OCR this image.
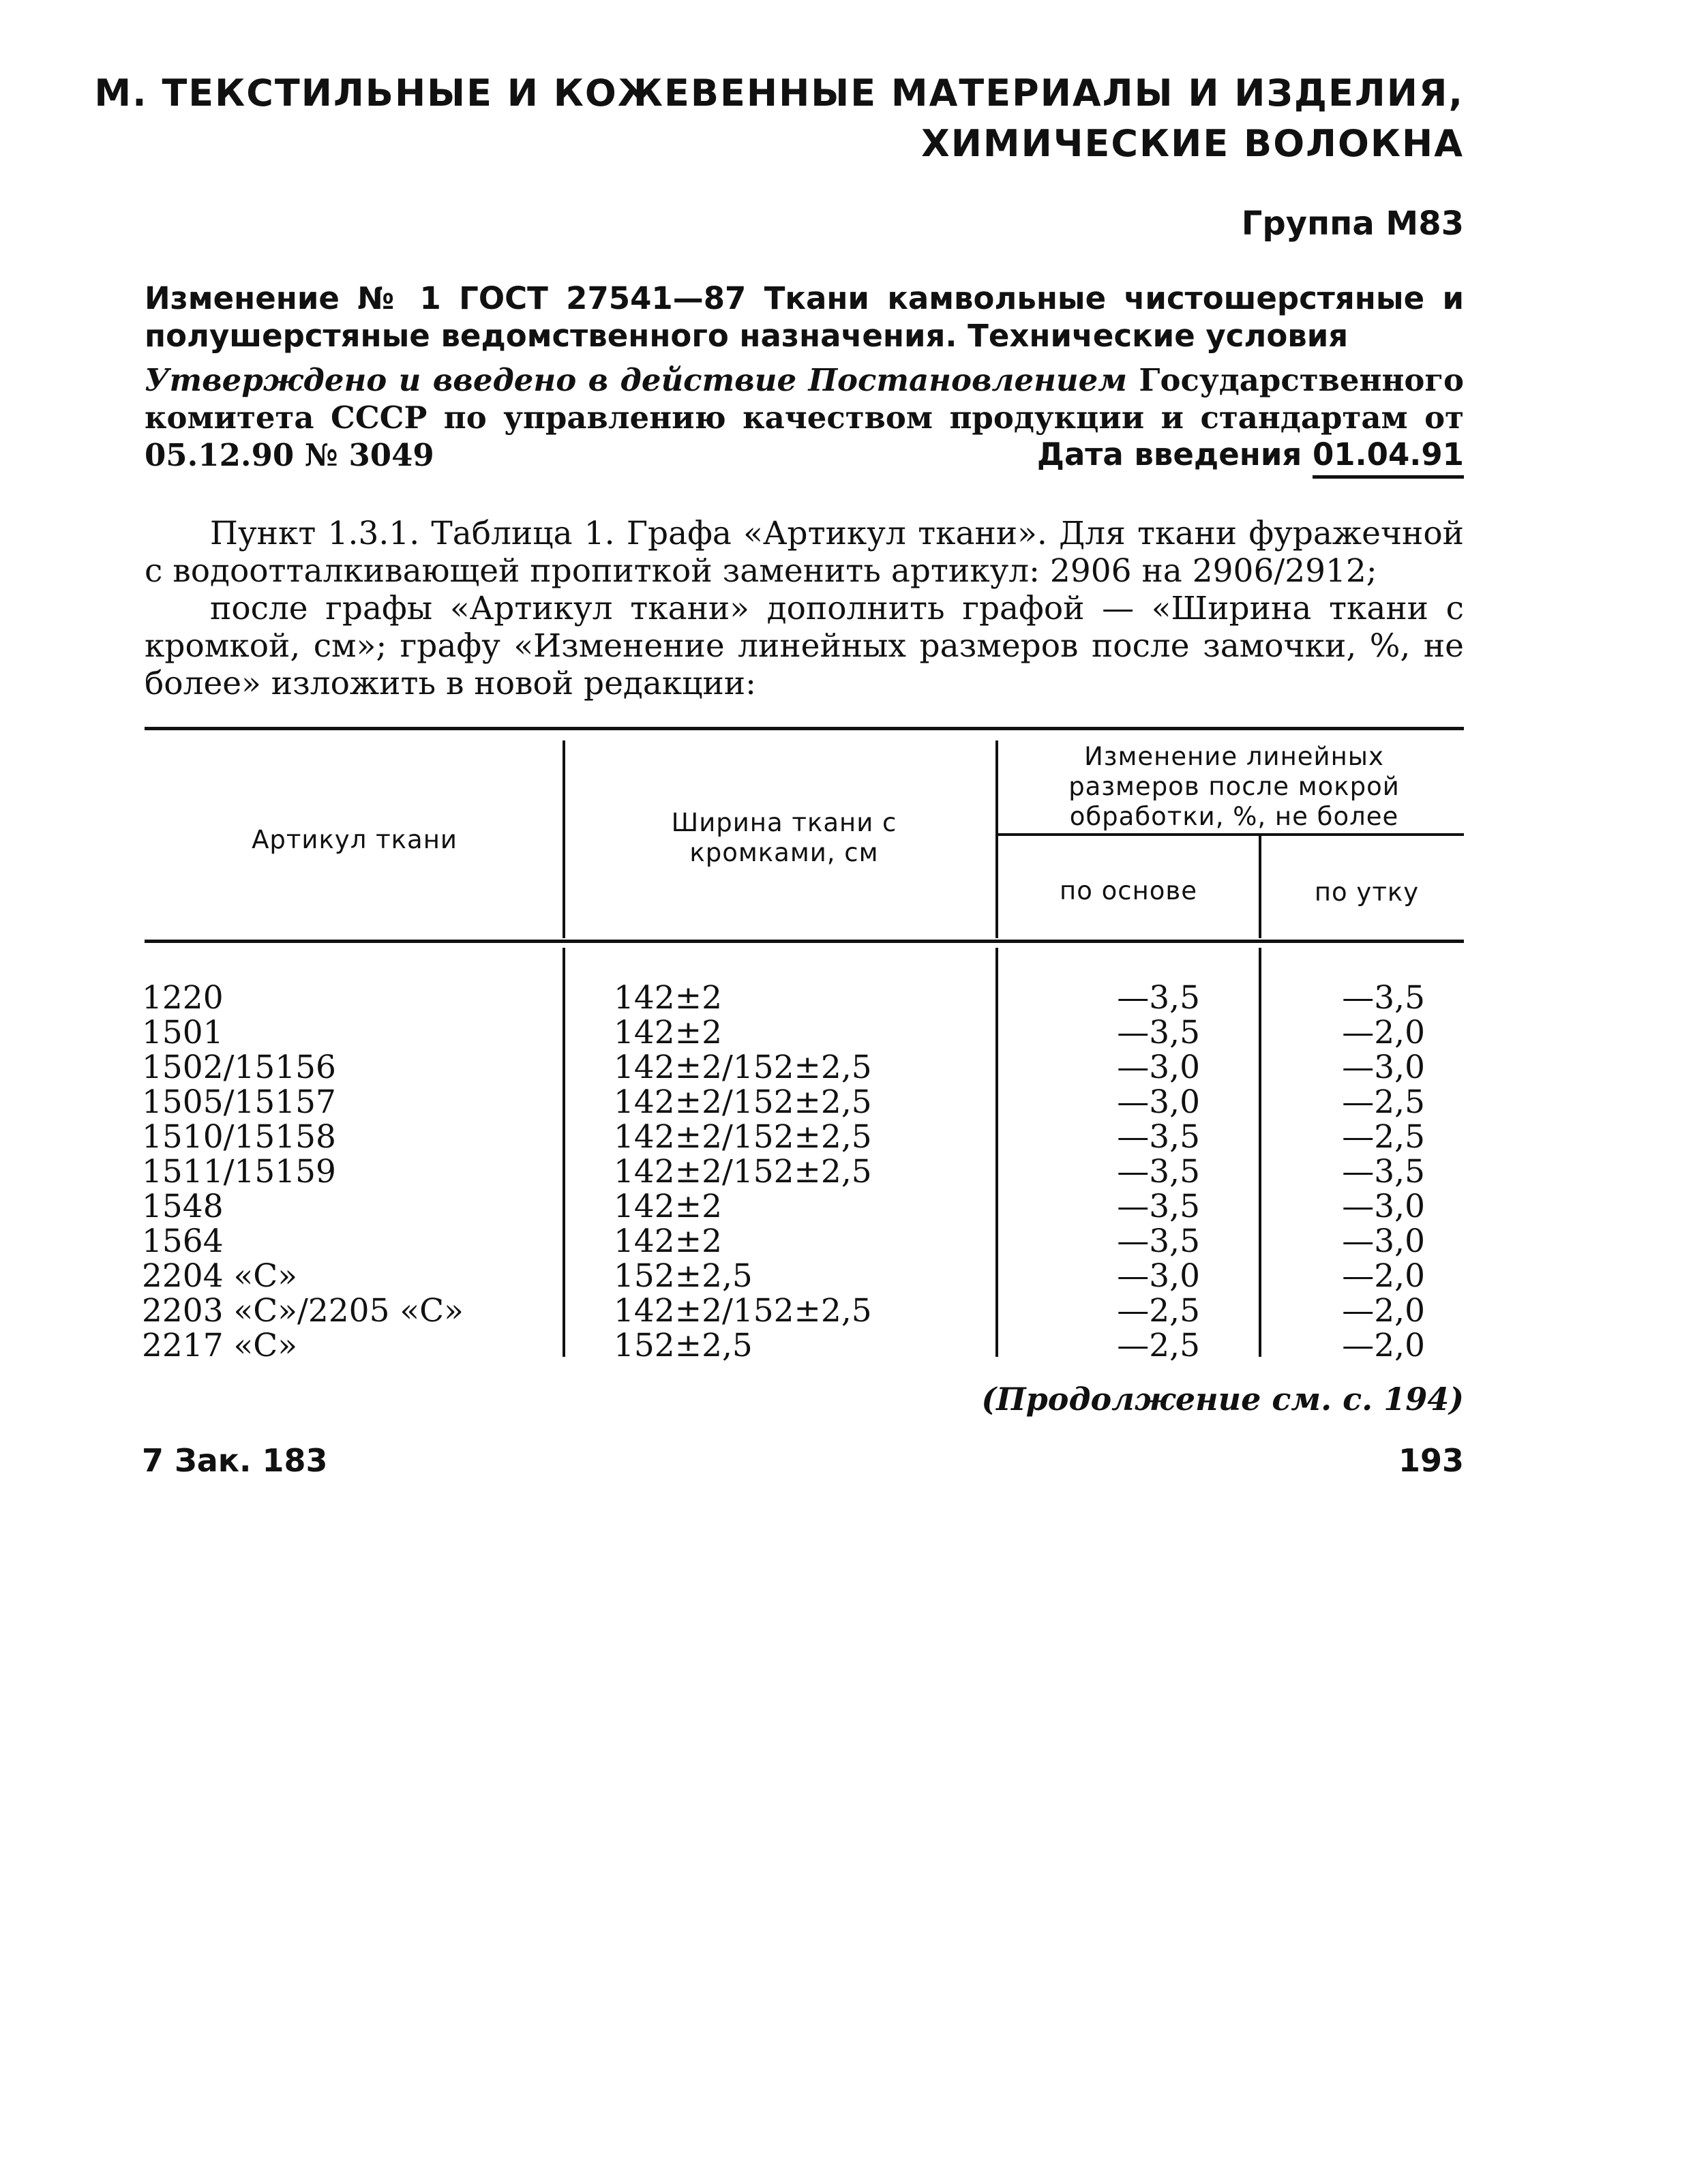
М. ТЕКСТИЛЬНЫЕ И КОЖЕВЕННЫЕ МАТЕРИАЛЫ И ИЗДЕЛИЯ,
ХИМИЧЕСКИЕ ВОЛОКНА
Группа М83
Изменение № 1 ГОСТ 27541—87 Ткани камвольные чистошерстяные и полушерстяные ведомственного назначения. Технические условия
Утверждено и введено в действие Постановлением Государственного комитета СССР по управлению качеством продукции и стандартам от 05.12.90 № 3049	Дата введения 01.04.91

Пункт 1.3.1. Таблица 1. Графа «Артикул ткани». Для ткани фуражечной с водоотталкивающей пропиткой заменить артикул: 2906 на 2906/2912;

после графы «Артикул ткани» дополнить графой — «Ширина ткани с кромкой, см»; графу «Изменение линейных размеров после замочки, %, не более» изложить в новой редакции:

Артикул ткани
Ширина ткани с кромками, см
Изменение линейных размеров после мокрой обработки, %, не более
по основе	по утку
1220	142±2	—3,5	—3,5
1501	142±2	—3,5	—2,0
1502/15156	142±2/152±2,5	—3,0	—3,0
1505/15157	142±2/152±2,5	—3,0	—2,5
1510/15158	142±2/152±2,5	—3,5	—2,5
1511/15159	142±2/152±2,5	—3,5	—3,5
1548	142±2	—3,5	—3,0
1564	142±2	—3,5	—3,0
2204 «С»	152±2,5	—3,0	—2,0
2203 «С»/2205 «С»	142±2/152±2,5	—2,5	—2,0
2217 «С»	152±2,5	—2,5	—2,0
(Продолжение см. с. 194)
7 Зак. 183	193
